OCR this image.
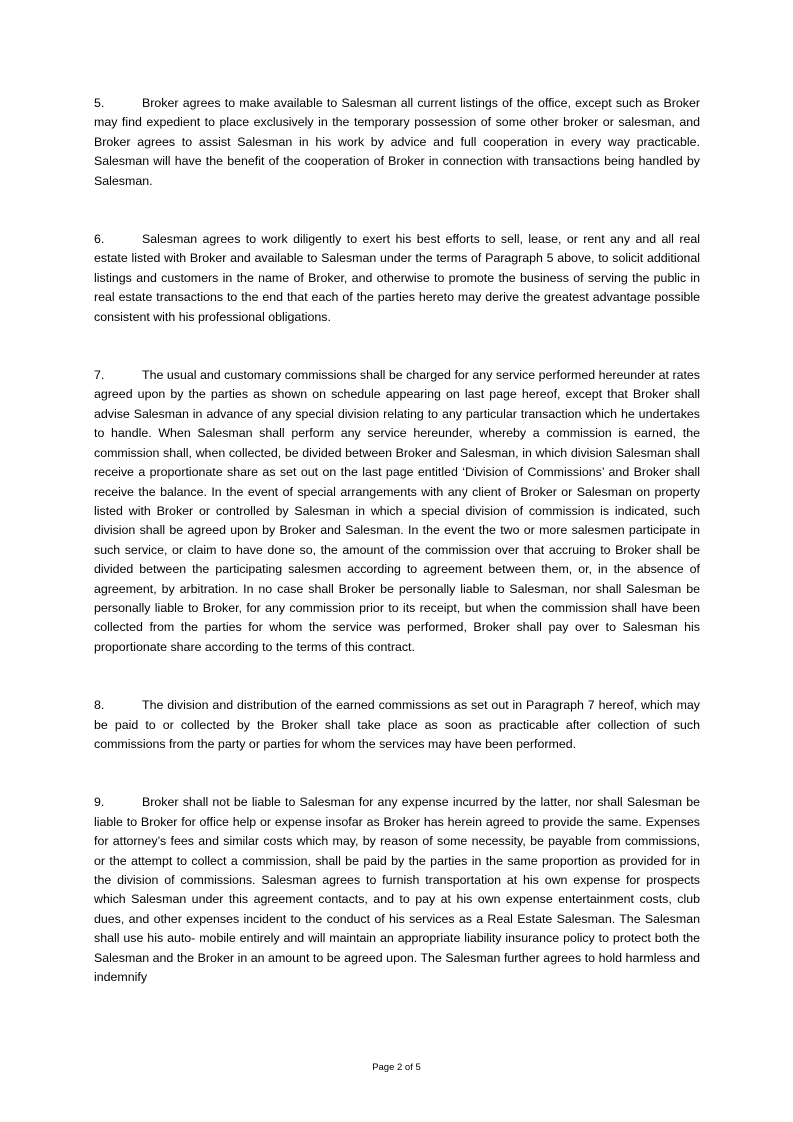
5.	Broker agrees to make available to Salesman all current listings of the office, except such as Broker may find expedient to place exclusively in the temporary possession of some other broker or salesman, and Broker agrees to assist Salesman in his work by advice and full cooperation in every way practicable. Salesman will have the benefit of the cooperation of Broker in connection with transactions being handled by Salesman.

6.	Salesman agrees to work diligently to exert his best efforts to sell, lease, or rent any and all real estate listed with Broker and available to Salesman under the terms of Paragraph 5 above, to solicit additional listings and customers in the name of Broker, and otherwise to promote the business of serving the public in real estate transactions to the end that each of the parties hereto may derive the greatest advantage possible consistent with his professional obligations.

7.	The usual and customary commissions shall be charged for any service performed hereunder at rates agreed upon by the parties as shown on schedule appearing on last page hereof, except that Broker shall advise Salesman in advance of any special division relating to any particular transaction which he undertakes to handle. When Salesman shall perform any service hereunder, whereby a commission is earned, the commission shall, when collected, be divided between Broker and Salesman, in which division Salesman shall receive a proportionate share as set out on the last page entitled ‘Division of Commissions’ and Broker shall receive the balance. In the event of special arrangements with any client of Broker or Salesman on property listed with Broker or controlled by Salesman in which a special division of commission is indicated, such division shall be agreed upon by Broker and Salesman. In the event the two or more salesmen participate in such service, or claim to have done so, the amount of the commission over that accruing to Broker shall be divided between the participating salesmen according to agreement between them, or, in the absence of agreement, by arbitration. In no case shall Broker be personally liable to Salesman, nor shall Salesman be personally liable to Broker, for any commission prior to its receipt, but when the commission shall have been collected from the parties for whom the service was performed, Broker shall pay over to Salesman his proportionate share according to the terms of this contract.

8.	The division and distribution of the earned commissions as set out in Paragraph 7 hereof, which may be paid to or collected by the Broker shall take place as soon as practicable after collection of such commissions from the party or parties for whom the services may have been performed.

9.	Broker shall not be liable to Salesman for any expense incurred by the latter, nor shall Salesman be liable to Broker for office help or expense insofar as Broker has herein agreed to provide the same. Expenses for attorney’s fees and similar costs which may, by reason of some necessity, be payable from commissions, or the attempt to collect a commission, shall be paid by the parties in the same proportion as provided for in the division of commissions. Salesman agrees to furnish transportation at his own expense for prospects which Salesman under this agreement contacts, and to pay at his own expense entertainment costs, club dues, and other expenses incident to the conduct of his services as a Real Estate Salesman. The Salesman shall use his auto- mobile entirely and will maintain an appropriate liability insurance policy to protect both the Salesman and the Broker in an amount to be agreed upon. The Salesman further agrees to hold harmless and indemnify

Page 2 of 5
